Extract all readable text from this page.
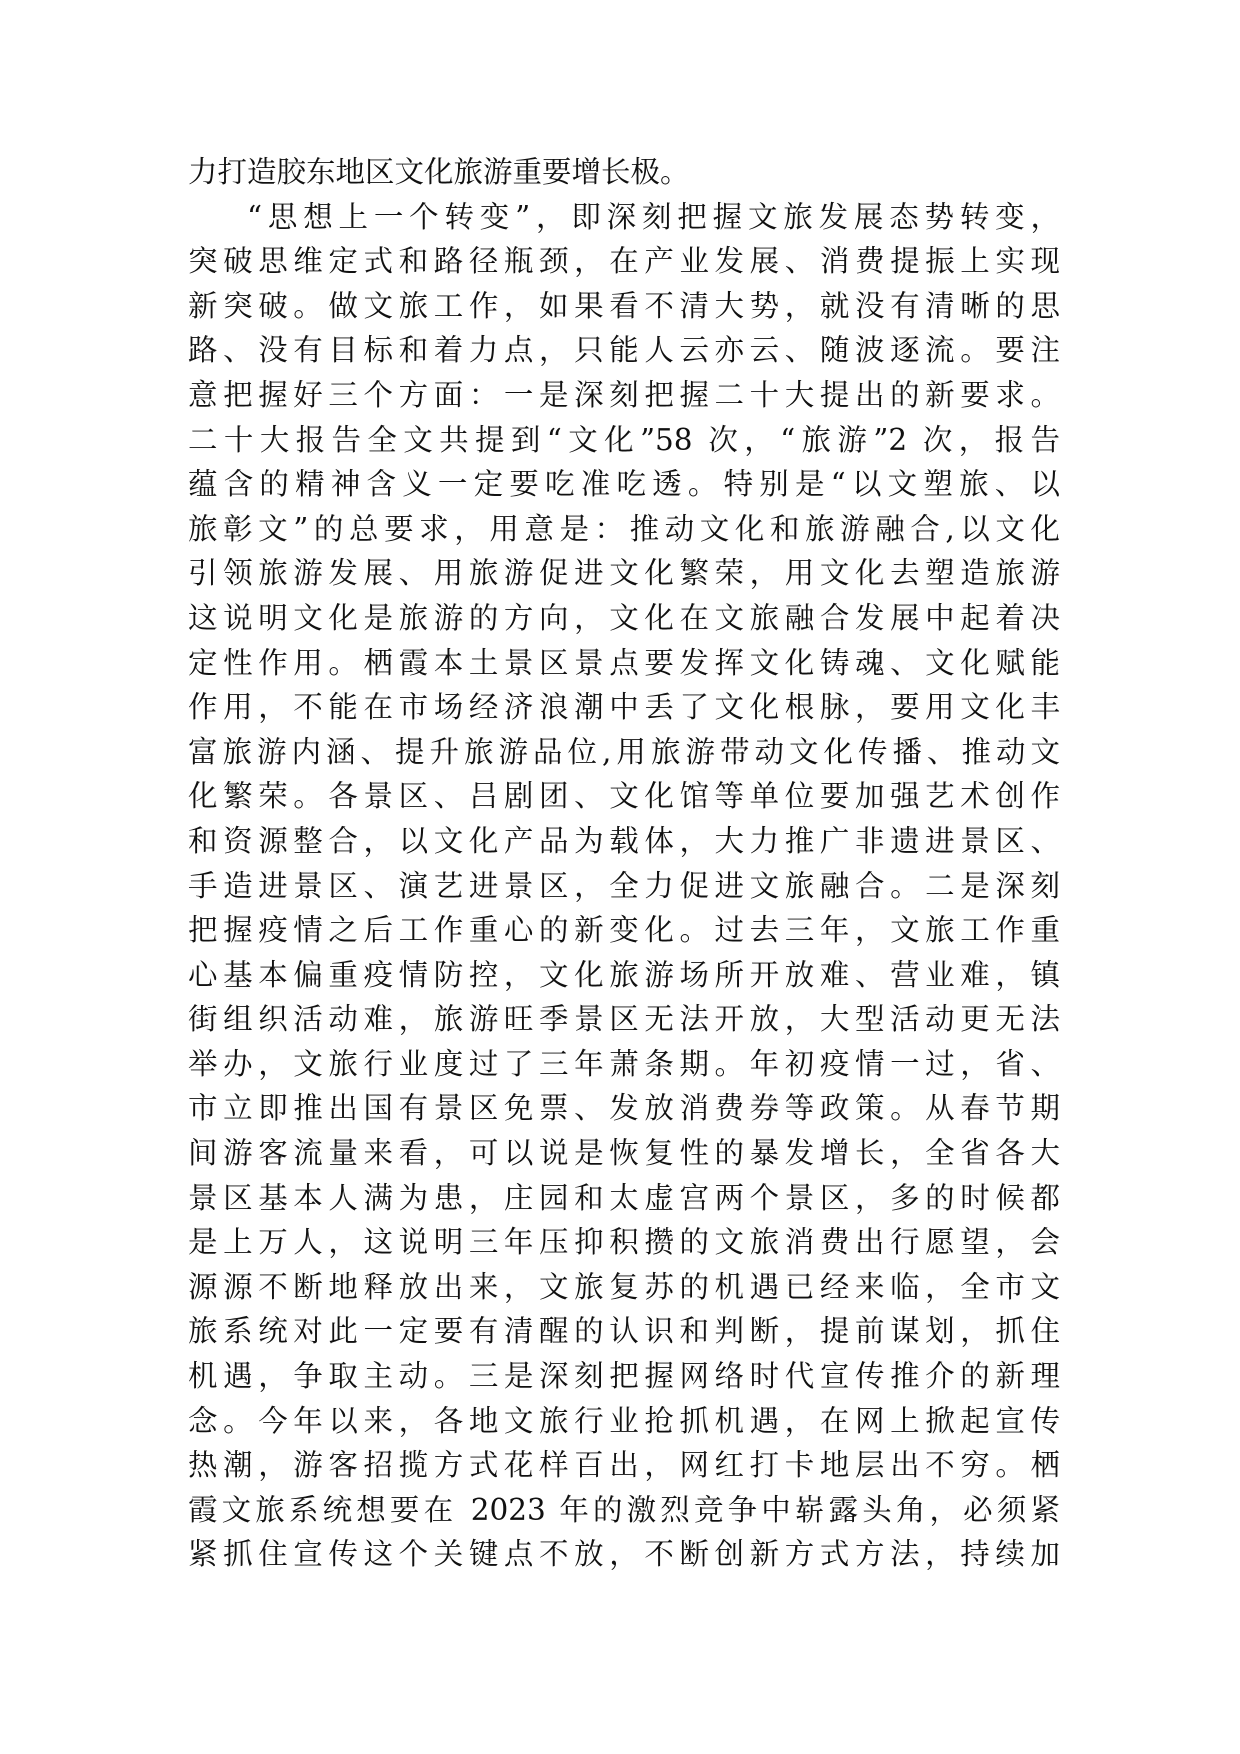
力打造胶东地区文化旅游重要增长极。
“思想上一个转变”，即深刻把握文旅发展态势转变，
突破思维定式和路径瓶颈，在产业发展、消费提振上实现
新突破。做文旅工作，如果看不清大势，就没有清晰的思
路、没有目标和着力点，只能人云亦云、随波逐流。要注
意把握好三个方面：一是深刻把握二十大提出的新要求。
二十大报告全文共提到“文化”58 次，“旅游”2 次，报告
蕴含的精神含义一定要吃准吃透。特别是“以文塑旅、以
旅彰文”的总要求，用意是：推动文化和旅游融合,以文化
引领旅游发展、用旅游促进文化繁荣，用文化去塑造旅游
这说明文化是旅游的方向，文化在文旅融合发展中起着决
定性作用。栖霞本土景区景点要发挥文化铸魂、文化赋能
作用，不能在市场经济浪潮中丢了文化根脉，要用文化丰
富旅游内涵、提升旅游品位,用旅游带动文化传播、推动文
化繁荣。各景区、吕剧团、文化馆等单位要加强艺术创作
和资源整合，以文化产品为载体，大力推广非遗进景区、
手造进景区、演艺进景区，全力促进文旅融合。二是深刻
把握疫情之后工作重心的新变化。过去三年，文旅工作重
心基本偏重疫情防控，文化旅游场所开放难、营业难，镇
街组织活动难，旅游旺季景区无法开放，大型活动更无法
举办，文旅行业度过了三年萧条期。年初疫情一过，省、
市立即推出国有景区免票、发放消费券等政策。从春节期
间游客流量来看，可以说是恢复性的暴发增长，全省各大
景区基本人满为患，庄园和太虚宫两个景区，多的时候都
是上万人，这说明三年压抑积攒的文旅消费出行愿望，会
源源不断地释放出来，文旅复苏的机遇已经来临，全市文
旅系统对此一定要有清醒的认识和判断，提前谋划，抓住
机遇，争取主动。三是深刻把握网络时代宣传推介的新理
念。今年以来，各地文旅行业抢抓机遇，在网上掀起宣传
热潮，游客招揽方式花样百出，网红打卡地层出不穷。栖
霞文旅系统想要在 2023 年的激烈竞争中崭露头角，必须紧
紧抓住宣传这个关键点不放，不断创新方式方法，持续加
